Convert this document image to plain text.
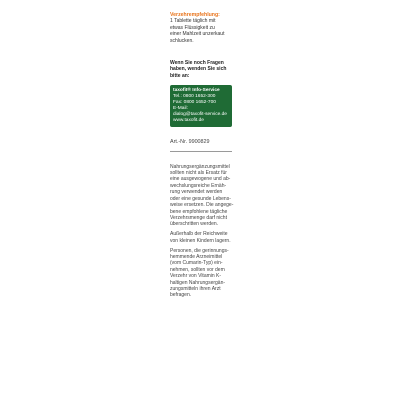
Verzehrempfehlung:

1 Tablette täglich mit
etwas Flüssigkeit zu
einer Mahlzeit unzerkaut
schlucken.

Wenn Sie noch Fragen
haben, wenden Sie sich
bitte an:
taxofit® Info-Service
Tel.: 0800 1652-300
Fax: 0800 1652-700
E-Mail:
dialog@taxofit-service.de
www.taxofit.de
Art.-Nr. 9900829

Nahrungsergänzungsmittel
sollten nicht als Ersatz für
eine ausgewogene und ab-
wechslungsreiche Ernäh-
rung verwendet werden
oder eine gesunde Lebens-
weise ersetzen. Die angege-
bene empfohlene tägliche
Verzehrsmenge darf nicht
überschritten werden.

Außerhalb der Reichweite
von kleinen Kindern lagern.

Personen, die gerinnungs-
hemmende Arzneimittel
(vom Cumarin-Typ) ein-
nehmen, sollten vor dem
Verzehr von Vitamin K-
haltigen Nahrungsergän-
zungsmitteln ihren Arzt
befragen.
